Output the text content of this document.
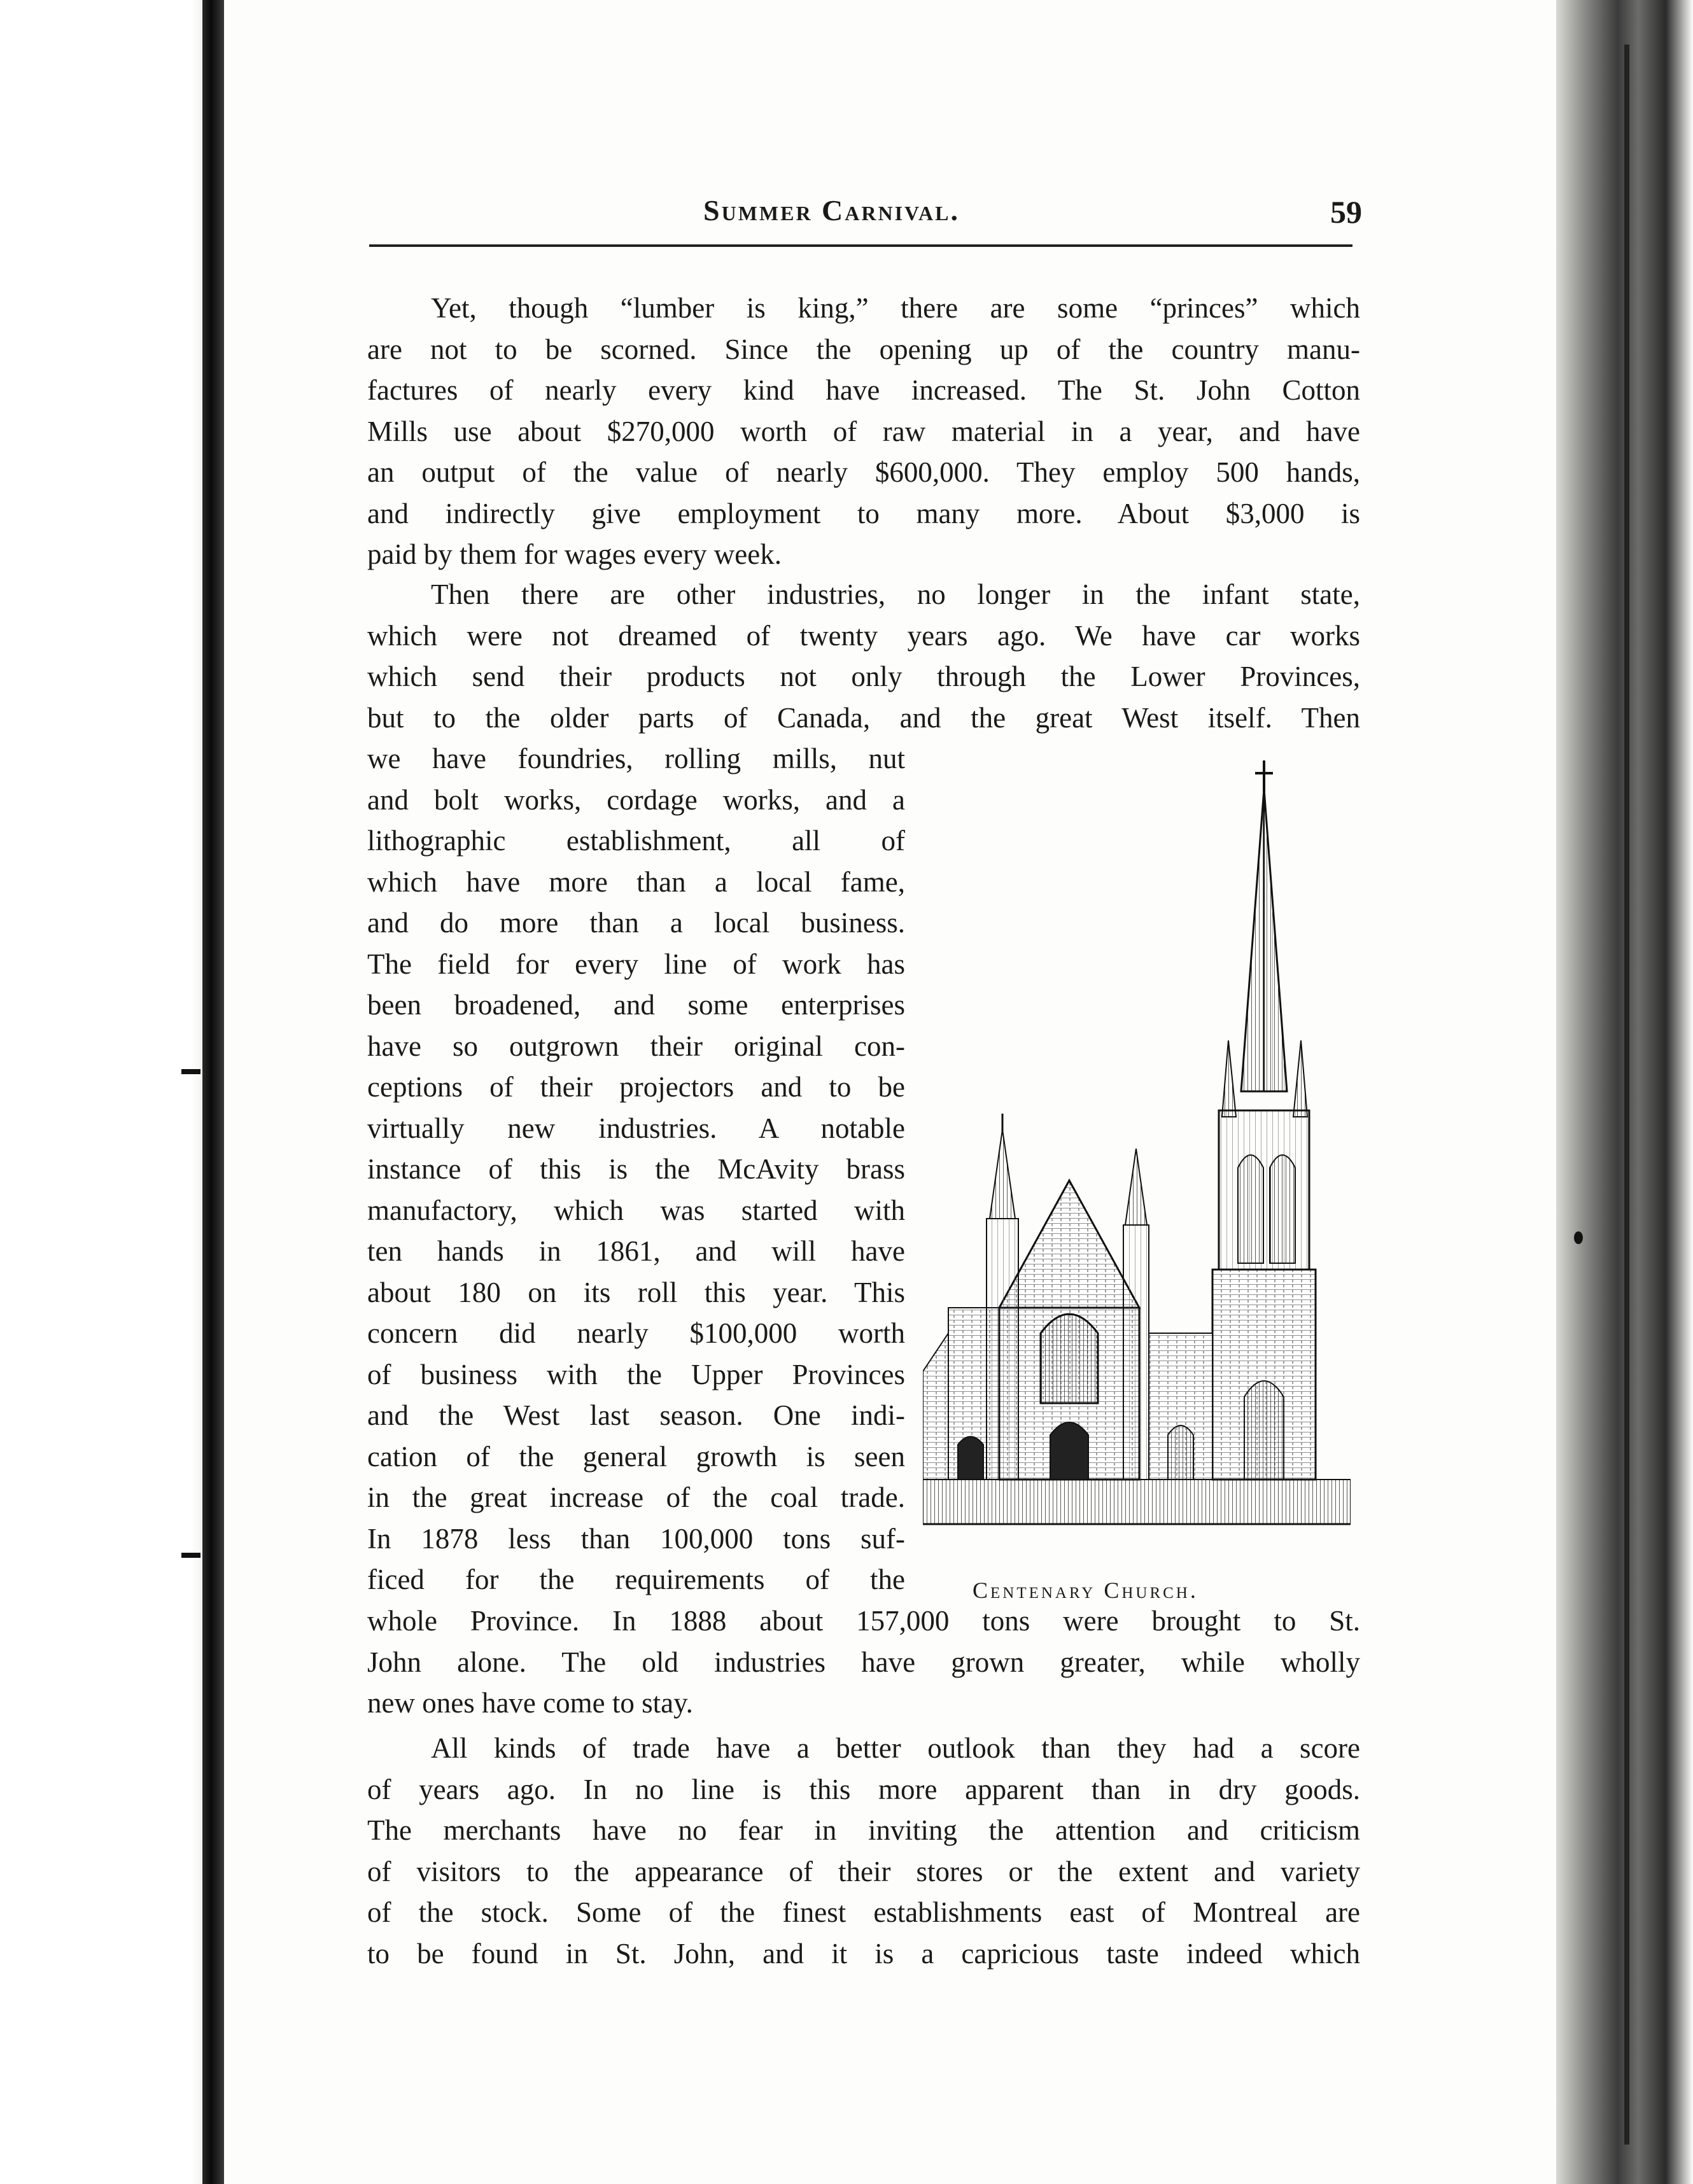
Summer Carnival.	59
Yet, though “lumber is king,” there are some “princes” which
are not to be scorned. Since the opening up of the country manu-
factures of nearly every kind have increased. The St. John Cotton
Mills use about $270,000 worth of raw material in a year, and have
an output of the value of nearly $600,000. They employ 500 hands,
and indirectly give employment to many more. About $3,000 is
paid by them for wages every week.
Then there are other industries, no longer in the infant state,
which were not dreamed of twenty years ago. We have car works
which send their products not only through the Lower Provinces,
but to the older parts of Canada, and the great West itself. Then
we have foundries, rolling mills, nut
and bolt works, cordage works, and a
lithographic establishment, all of
which have more than a local fame,
and do more than a local business.
The field for every line of work has
been broadened, and some enterprises
have so outgrown their original con-
ceptions of their projectors and to be
virtually new industries. A notable
instance of this is the McAvity brass
manufactory, which was started with
ten hands in 1861, and will have
about 180 on its roll this year. This
concern did nearly $100,000 worth
of business with the Upper Provinces
and the West last season. One indi-
cation of the general growth is seen
in the great increase of the coal trade.
In 1878 less than 100,000 tons suf-
ficed for the requirements of the	Centenary Church.
whole Province. In 1888 about 157,000 tons were brought to St.
John alone. The old industries have grown greater, while wholly
new ones have come to stay.
All kinds of trade have a better outlook than they had a score
of years ago. In no line is this more apparent than in dry goods.
The merchants have no fear in inviting the attention and criticism
of visitors to the appearance of their stores or the extent and variety
of the stock. Some of the finest establishments east of Montreal are
to be found in St. John, and it is a capricious taste indeed which
